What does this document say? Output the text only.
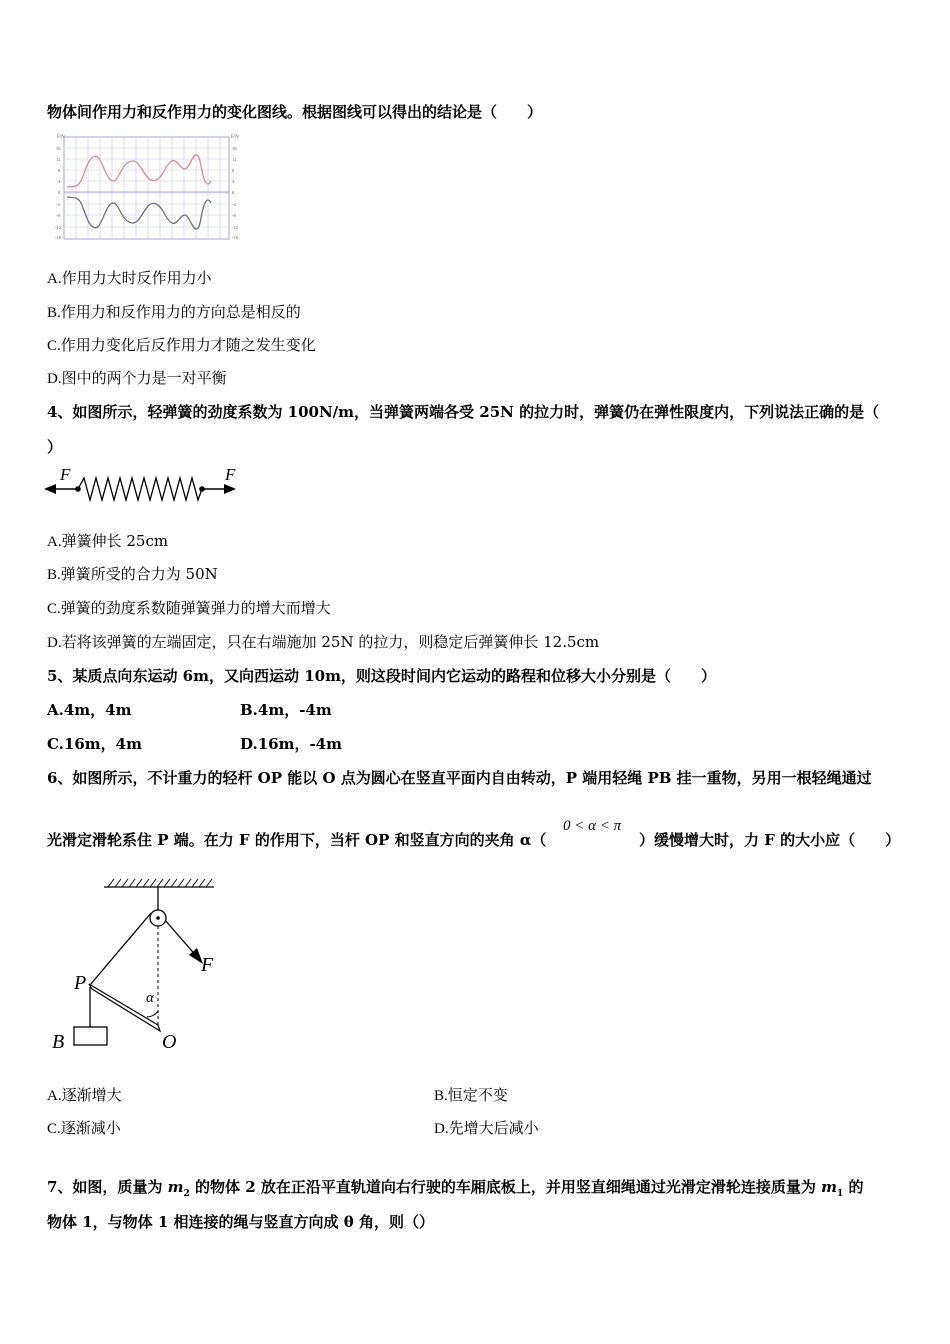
物体间作用力和反作用力的变化图线。根据图线可以得出的结论是（　　）
F/N	F/N
16
12
8
4
0
-4
-8
-12
-16
16
12
8
4
0
-4
-8
-12
-16
A.作用力大时反作用力小
B.作用力和反作用力的方向总是相反的
C.作用力变化后反作用力才随之发生变化
D.图中的两个力是一对平衡
4、如图所示，轻弹簧的劲度系数为 100N/m，当弹簧两端各受 25N 的拉力时，弹簧仍在弹性限度内，下列说法正确的是（
）
F	F
A.弹簧伸长 25cm
B.弹簧所受的合力为 50N
C.弹簧的劲度系数随弹簧弹力的增大而增大
D.若将该弹簧的左端固定，只在右端施加 25N 的拉力，则稳定后弹簧伸长 12.5cm
5、某质点向东运动 6m，又向西运动 10m，则这段时间内它运动的路程和位移大小分别是（　　）
A.4m，4m	B.4m，-4m
C.16m，4m	D.16m，-4m
6、如图所示，不计重力的轻杆 OP 能以 O 点为圆心在竖直平面内自由转动，P 端用轻绳 PB 挂一重物，另用一根轻绳通过
光滑定滑轮系住 P 端。在力 F 的作用下，当杆 OP 和竖直方向的夹角 α（
0 < α < π
）缓慢增大时，力 F 的大小应（　　）
P
F
α
B	O
A.逐渐增大	B.恒定不变
C.逐渐减小	D.先增大后减小
7、如图，质量为 $m_2$ 的物体 2 放在正沿平直轨道向右行驶的车厢底板上，并用竖直细绳通过光滑定滑轮连接质量为 $m_1$ 的
物体 1，与物体 1 相连接的绳与竖直方向成 θ 角，则（）
